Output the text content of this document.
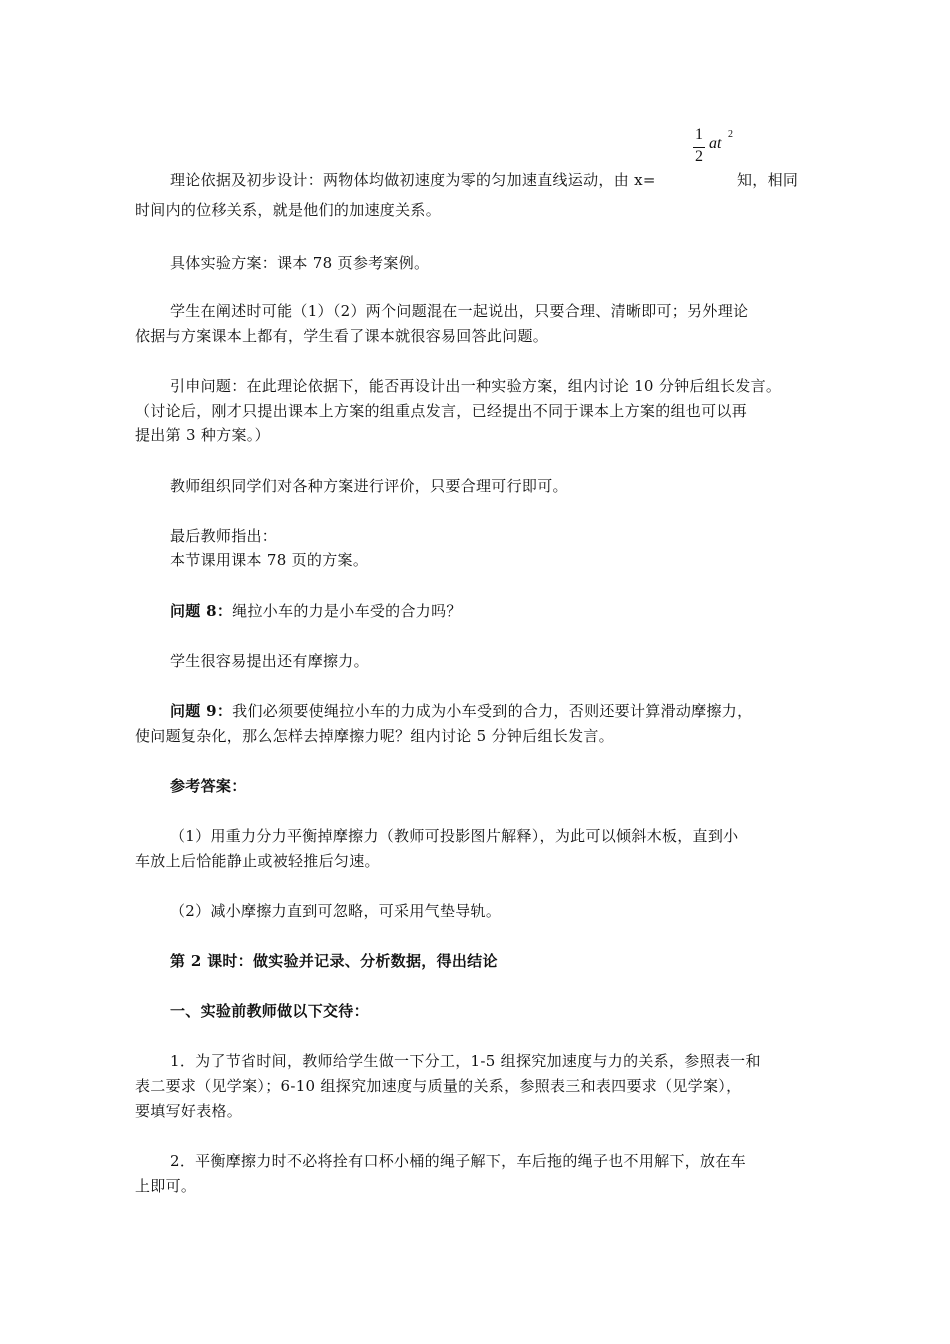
1
2
at
2
理论依据及初步设计：两物体均做初速度为零的匀加速直线运动，由 x=	知，相同
时间内的位移关系，就是他们的加速度关系。
具体实验方案：课本 78 页参考案例。
学生在阐述时可能（1）（2）两个问题混在一起说出，只要合理、清晰即可；另外理论
依据与方案课本上都有，学生看了课本就很容易回答此问题。
引申问题：在此理论依据下，能否再设计出一种实验方案，组内讨论 10 分钟后组长发言。
（讨论后，刚才只提出课本上方案的组重点发言，已经提出不同于课本上方案的组也可以再
提出第 3 种方案。）
教师组织同学们对各种方案进行评价，只要合理可行即可。
最后教师指出：
本节课用课本 78 页的方案。
问题 8：绳拉小车的力是小车受的合力吗？
学生很容易提出还有摩擦力。
问题 9：我们必须要使绳拉小车的力成为小车受到的合力，否则还要计算滑动摩擦力，
使问题复杂化，那么怎样去掉摩擦力呢？组内讨论 5 分钟后组长发言。
参考答案：
（1）用重力分力平衡掉摩擦力（教师可投影图片解释），为此可以倾斜木板，直到小
车放上后恰能静止或被轻推后匀速。
（2）减小摩擦力直到可忽略，可采用气垫导轨。
第 2 课时：做实验并记录、分析数据，得出结论
一、实验前教师做以下交待：
1．为了节省时间，教师给学生做一下分工，1-5 组探究加速度与力的关系，参照表一和
表二要求（见学案）；6-10 组探究加速度与质量的关系，参照表三和表四要求（见学案），
要填写好表格。
2．平衡摩擦力时不必将拴有口杯小桶的绳子解下，车后拖的绳子也不用解下，放在车
上即可。
